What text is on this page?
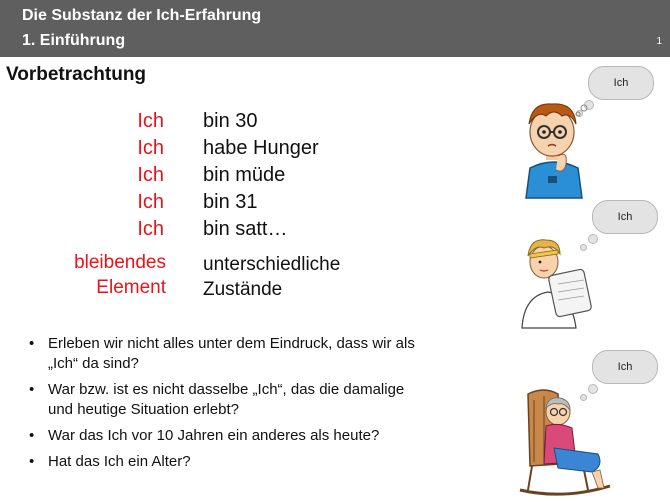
Die Substanz der Ich-Erfahrung
1. Einführung	1
Vorbetrachtung
Ich
Ich
Ich
Ich
Ich
bin 30
habe Hunger
bin müde
bin 31
bin satt…
bleibendes
Element
unterschiedliche
Zustände
• Erleben wir nicht alles unter dem Eindruck, dass wir als „Ich“ da sind?
• War bzw. ist es nicht dasselbe „Ich“, das die damalige und heutige Situation erlebt?
• War das Ich vor 10 Jahren ein anderes als heute?
• Hat das Ich ein Alter?
Ich
Ich
Ich
